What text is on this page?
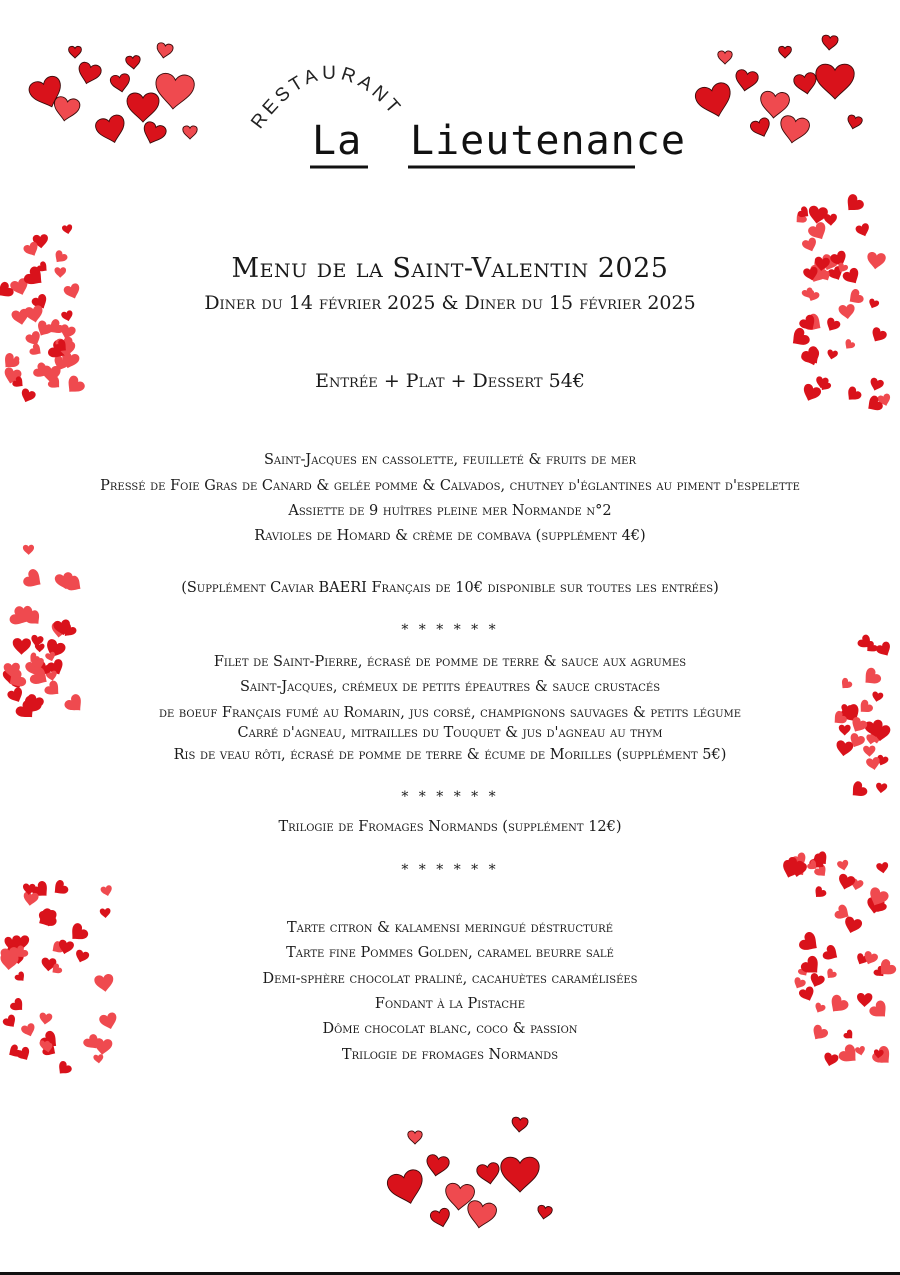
RESTAURANT
La Lieutenance
Menu de la Saint-Valentin 2025
Diner du 14 février 2025 & Diner du 15 février 2025
Entrée + Plat + Dessert 54€
Saint-Jacques en cassolette, feuilleté & fruits de mer
Pressé de Foie Gras de Canard & gelée pomme & Calvados, chutney d'églantines au piment d'espelette
Assiette de 9 huîtres pleine mer Normande n°2
Ravioles de Homard & crème de combava (supplément 4€)
(Supplément Caviar BAERI Français de 10€ disponible sur toutes les entrées)
* * * * * *
Filet de Saint-Pierre, écrasé de pomme de terre & sauce aux agrumes
Saint-Jacques, crémeux de petits épeautres & sauce crustacés
de boeuf Français fumé au Romarin, jus corsé, champignons sauvages & petits légume
Carré d'agneau, mitrailles du Touquet & jus d'agneau au thym
Ris de veau rôti, écrasé de pomme de terre & écume de Morilles (supplément 5€)
* * * * * *
Trilogie de Fromages Normands (supplément 12€)
* * * * * *
Tarte citron & kalamensi meringué déstructuré
Tarte fine Pommes Golden, caramel beurre salé
Demi-sphère chocolat praliné, cacahuètes caramélisées
Fondant à la Pistache
Dôme chocolat blanc, coco & passion
Trilogie de fromages Normands
